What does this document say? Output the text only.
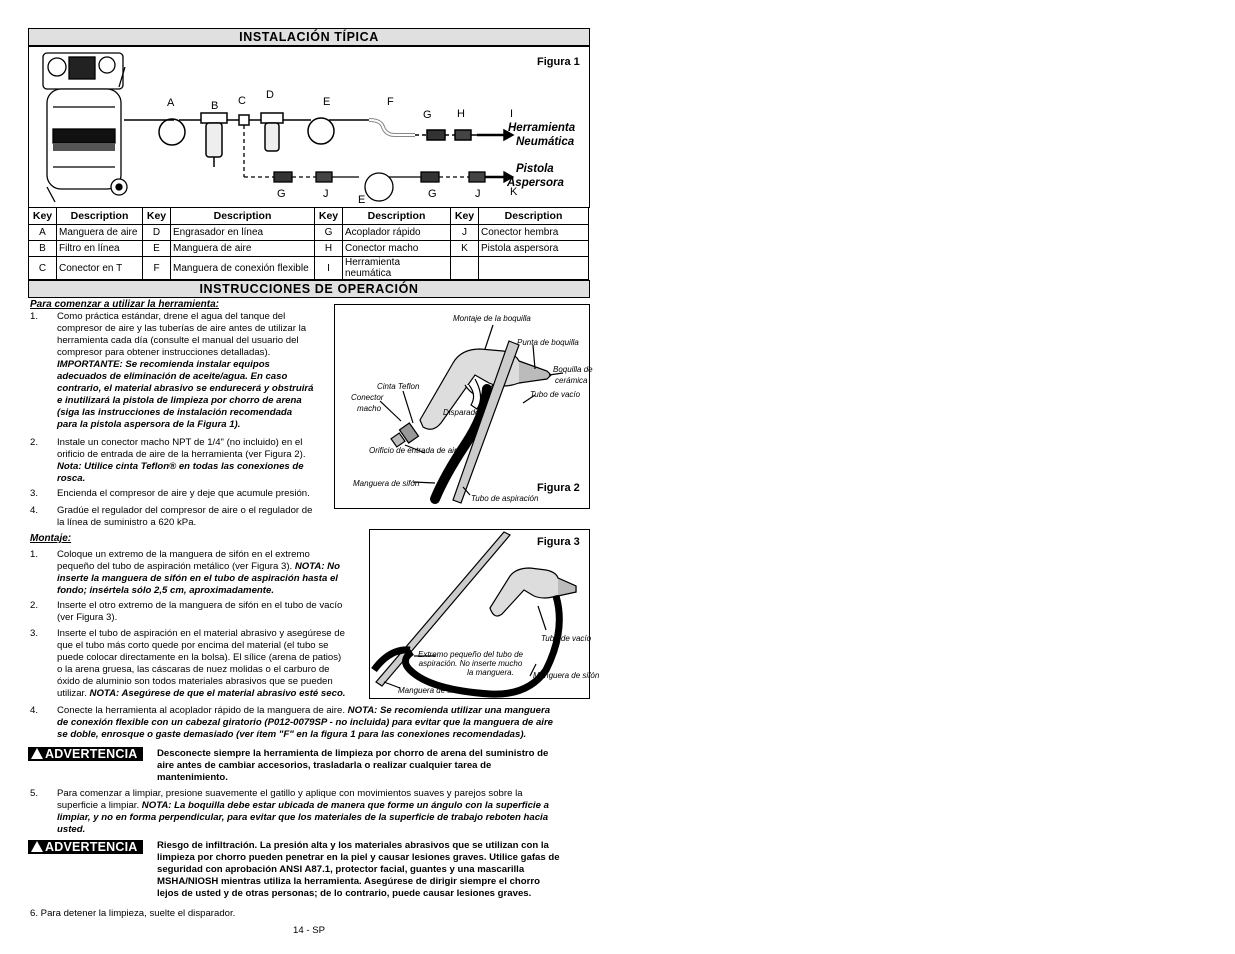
INSTALACIÓN TÍPICA
Powermate
Figura 1
A	B C D
E	F
G H	I
Herramienta
Neumática
Pistola
Aspersora
G	J	E	G	J	K
Key	Description	Key	Description	Key	Description	Key	Description
A	Manguera de aire	D	Engrasador en línea	G	Acoplador rápido	J	Conector hembra
B	Filtro en línea	E	Manguera de aire	H	Conector macho	K	Pistola aspersora
C	Conector en T	F	Manguera de conexión flexible	I	Herramienta neumática		
INSTRUCCIONES DE OPERACIÓN
Para comenzar a utilizar la herramienta:
1. Como práctica estándar, drene el agua del tanque del
compresor de aire y las tuberías de aire antes de utilizar la
herramienta cada día (consulte el manual del usuario del
compresor para obtener instrucciones detalladas).
IMPORTANTE: Se recomienda instalar equipos
adecuados de eliminación de aceite/agua. En caso
contrario, el material abrasivo se endurecerá y obstruirá
e inutilizará la pistola de limpieza por chorro de arena
(siga las instrucciones de instalación recomendada
para la pistola aspersora de la Figura 1).
2. Instale un conector macho NPT de 1/4" (no incluido) en el
orificio de entrada de aire de la herramienta (ver Figura 2).
Nota: Utilice cinta Teflon® en todas las conexiones de
rosca.
3. Encienda el compresor de aire y deje que acumule presión.
4. Gradúe el regulador del compresor de aire o el regulador de
la línea de suministro a 620 kPa.
Montaje de la boquilla
Punta de boquilla
Boquilla de
cerámica
Tubo de vacío
Cinta Teflon
Conector
macho	Disparador
Orificio de entrada de aire
Manguera de sifón
Tubo de aspiración
Figura 2
Montaje:
1. Coloque un extremo de la manguera de sifón en el extremo
pequeño del tubo de aspiración metálico (ver Figura 3). NOTA: No
inserte la manguera de sifón en el tubo de aspiración hasta el
fondo; insértela sólo 2,5 cm, aproximadamente.
2. Inserte el otro extremo de la manguera de sifón en el tubo de vacío
(ver Figura 3).
3. Inserte el tubo de aspiración en el material abrasivo y asegúrese de
que el tubo más corto quede por encima del material (el tubo se
puede colocar directamente en la bolsa). El sílice (arena de patios)
o la arena gruesa, las cáscaras de nuez molidas o el carburo de
óxido de aluminio son todos materiales abrasivos que se pueden
utilizar. NOTA: Asegúrese de que el material abrasivo esté seco.
Figura 3
Tubo de vacío
Extremo pequeño del tubo de
aspiración. No inserte mucho
la manguera.	Manguera de sifón
Manguera de sifón
4. Conecte la herramienta al acoplador rápido de la manguera de aire. NOTA: Se recomienda utilizar una manguera
de conexión flexible con un cabezal giratorio (P012-0079SP - no incluida) para evitar que la manguera de aire
se doble, enrosque o gaste demasiado (ver ítem "F" en la figura 1 para las conexiones recomendadas).
ADVERTENCIA	Desconecte siempre la herramienta de limpieza por chorro de arena del suministro de
aire antes de cambiar accesorios, trasladarla o realizar cualquier tarea de
mantenimiento.
5. Para comenzar a limpiar, presione suavemente el gatillo y aplique con movimientos suaves y parejos sobre la
superficie a limpiar. NOTA: La boquilla debe estar ubicada de manera que forme un ángulo con la superficie a
limpiar, y no en forma perpendicular, para evitar que los materiales de la superficie de trabajo reboten hacia
usted.
ADVERTENCIA	Riesgo de infiltración. La presión alta y los materiales abrasivos que se utilizan con la
limpieza por chorro pueden penetrar en la piel y causar lesiones graves. Utilice gafas de
seguridad con aprobación ANSI A87.1, protector facial, guantes y una mascarilla
MSHA/NIOSH mientras utiliza la herramienta. Asegúrese de dirigir siempre el chorro
lejos de usted y de otras personas; de lo contrario, puede causar lesiones graves.
6. Para detener la limpieza, suelte el disparador.
14 - SP
